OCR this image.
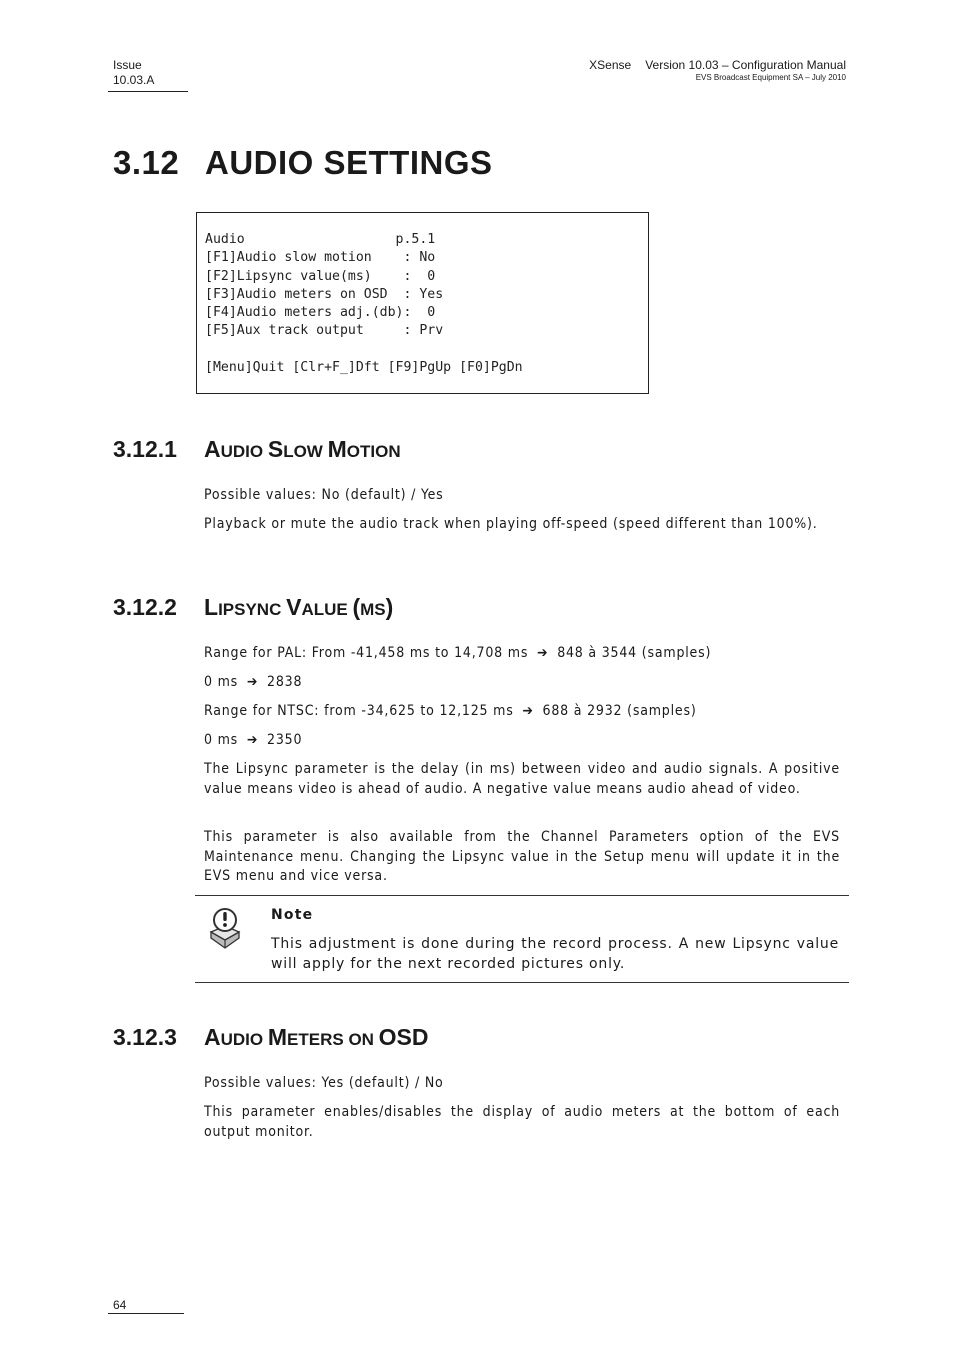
Issue
10.03.A
XSense Version 10.03 – Configuration Manual
EVS Broadcast Equipment SA – July 2010
3.12 AUDIO SETTINGS
Audio                   p.5.1
[F1]Audio slow motion    : No
[F2]Lipsync value(ms)    :  0
[F3]Audio meters on OSD  : Yes
[F4]Audio meters adj.(db):  0
[F5]Aux track output     : Prv

[Menu]Quit [Clr+F_]Dft [F9]PgUp [F0]PgDn
3.12.1 AUDIO SLOW MOTION
Possible values: No (default) / Yes
Playback or mute the audio track when playing off-speed (speed different than 100%).
3.12.2 LIPSYNC VALUE (MS)
Range for PAL: From -41,458 ms to 14,708 ms ➔ 848 à 3544 (samples)
0 ms ➔ 2838
Range for NTSC: from -34,625 to 12,125 ms ➔ 688 à 2932 (samples)
0 ms ➔ 2350
The Lipsync parameter is the delay (in ms) between video and audio signals. A positive value means video is ahead of audio. A negative value means audio ahead of video.
This parameter is also available from the Channel Parameters option of the EVS Maintenance menu. Changing the Lipsync value in the Setup menu will update it in the EVS menu and vice versa.
Note
This adjustment is done during the record process. A new Lipsync value will apply for the next recorded pictures only.
3.12.3 AUDIO METERS ON OSD
Possible values: Yes (default) / No
This parameter enables/disables the display of audio meters at the bottom of each output monitor.
64
